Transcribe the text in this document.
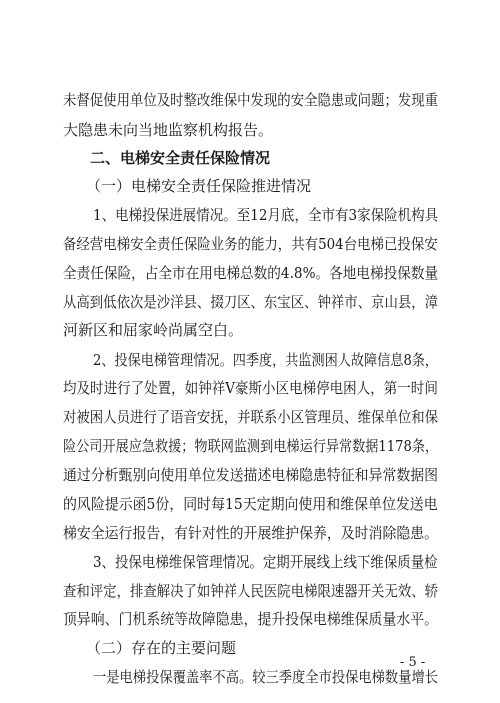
未督促使用单位及时整改维保中发现的安全隐患或问题；发现重
大隐患未向当地监察机构报告。
二、电梯安全责任保险情况
（一）电梯安全责任保险推进情况
1、电梯投保进展情况。至12月底，全市有3家保险机构具
备经营电梯安全责任保险业务的能力，共有504台电梯已投保安
全责任保险，占全市在用电梯总数的4.8%。各地电梯投保数量
从高到低依次是沙洋县、掇刀区、东宝区、钟祥市、京山县，漳
河新区和屈家岭尚属空白。
2、投保电梯管理情况。四季度，共监测困人故障信息8条，
均及时进行了处置，如钟祥V豪斯小区电梯停电困人，第一时间
对被困人员进行了语音安抚，并联系小区管理员、维保单位和保
险公司开展应急救援；物联网监测到电梯运行异常数据1178条，
通过分析甄别向使用单位发送描述电梯隐患特征和异常数据图
的风险提示函5份，同时每15天定期向使用和维保单位发送电
梯安全运行报告，有针对性的开展维护保养，及时消除隐患。
3、投保电梯维保管理情况。定期开展线上线下维保质量检
查和评定，排查解决了如钟祥人民医院电梯限速器开关无效、轿
顶异响、门机系统等故障隐患，提升投保电梯维保质量水平。
（二）存在的主要问题
一是电梯投保覆盖率不高。较三季度全市投保电梯数量增长
- 5 -
